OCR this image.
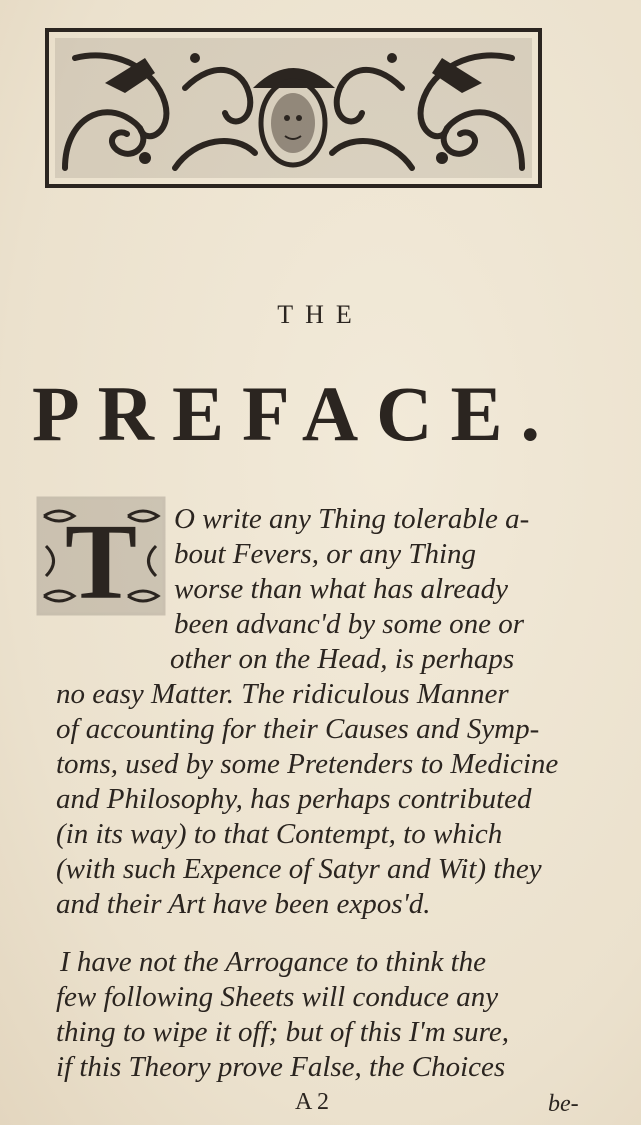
THE
PREFACE.
T O write any Thing tolerable a-
bout Fevers, or any Thing
worse than what has already
been advanc'd by some one or
other on the Head, is perhaps
no easy Matter. The ridiculous Manner
of accounting for their Causes and Symp-
toms, used by some Pretenders to Medicine
and Philosophy, has perhaps contributed
(in its way) to that Contempt, to which
(with such Expence of Satyr and Wit) they
and their Art have been expos'd.
I have not the Arrogance to think the
few following Sheets will conduce any
thing to wipe it off; but of this I'm sure,
if this Theory prove False, the Choices
A 2	be-
